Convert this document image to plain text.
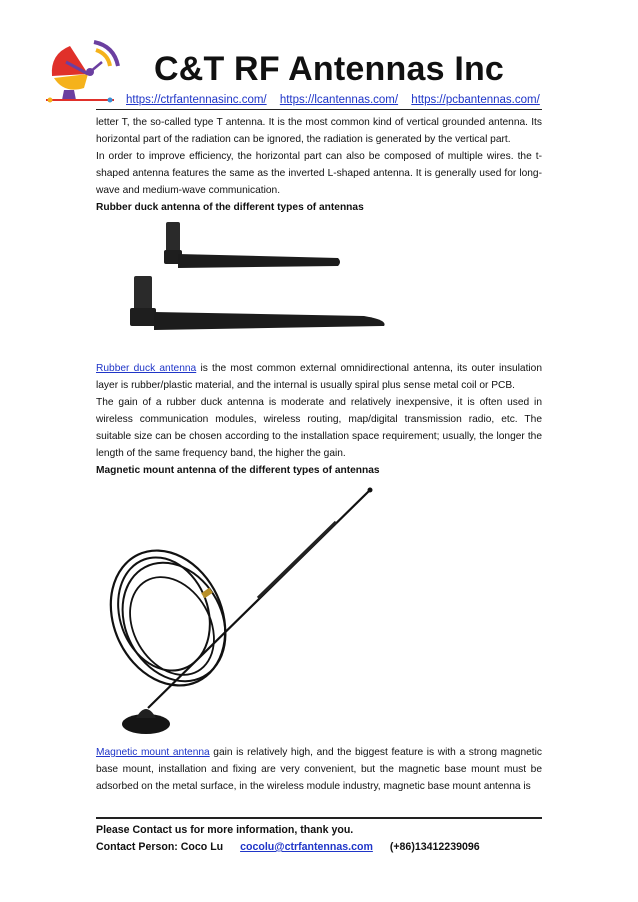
C&T RF Antennas Inc
https://ctrfantennasinc.com/ https://lcantennas.com/ https://pcbantennas.com/

letter T, the so-called type T antenna. It is the most common kind of vertical grounded antenna. Its horizontal part of the radiation can be ignored, the radiation is generated by the vertical part.

In order to improve efficiency, the horizontal part can also be composed of multiple wires. the t-shaped antenna features the same as the inverted L-shaped antenna. It is generally used for long-wave and medium-wave communication.

Rubber duck antenna of the different types of antennas

Rubber duck antenna is the most common external omnidirectional antenna, its outer insulation layer is rubber/plastic material, and the internal is usually spiral plus sense metal coil or PCB.

The gain of a rubber duck antenna is moderate and relatively inexpensive, it is often used in wireless communication modules, wireless routing, map/digital transmission radio, etc. The suitable size can be chosen according to the installation space requirement; usually, the longer the length of the same frequency band, the higher the gain.

Magnetic mount antenna of the different types of antennas

Magnetic mount antenna gain is relatively high, and the biggest feature is with a strong magnetic base mount, installation and fixing are very convenient, but the magnetic base mount must be adsorbed on the metal surface, in the wireless module industry, magnetic base mount antenna is

Please Contact us for more information, thank you.
Contact Person: Coco Lu cocolu@ctrfantennas.com (+86)13412239096
